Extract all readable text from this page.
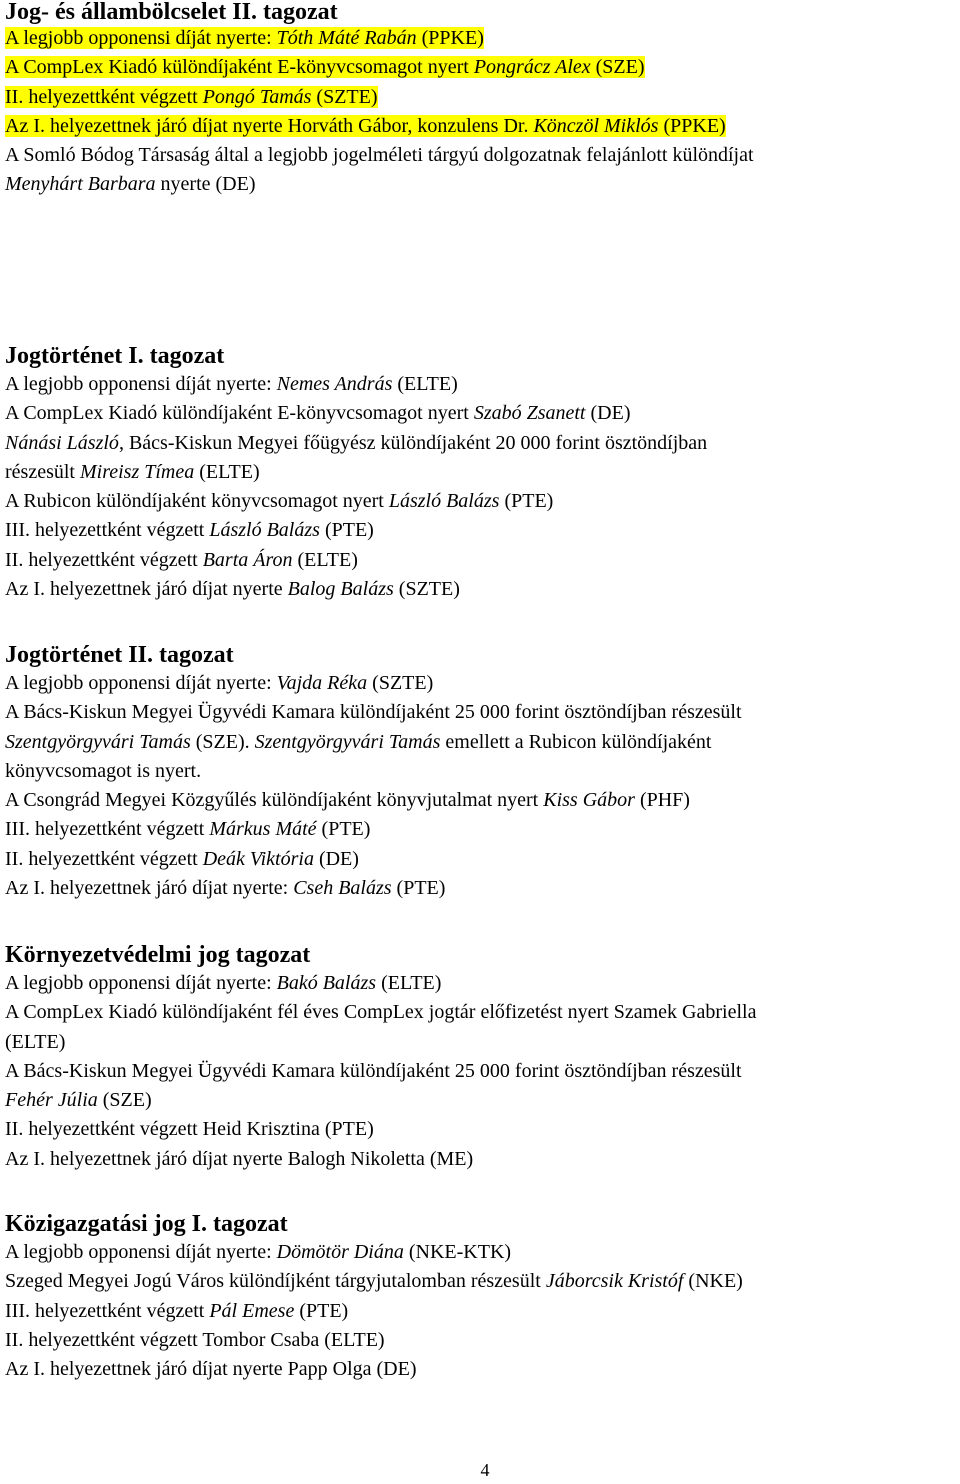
Jog- és állambölcselet II. tagozat
A legjobb opponensi díját nyerte: Tóth Máté Rabán (PPKE)
A CompLex Kiadó különdíjaként E-könyvcsomagot nyert Pongrácz Alex (SZE)
II. helyezettként végzett Pongó Tamás (SZTE)
Az I. helyezettnek járó díjat nyerte Horváth Gábor, konzulens Dr. Könczöl Miklós (PPKE)
A Somló Bódog Társaság által a legjobb jogelméleti tárgyú dolgozatnak felajánlott különdíjat
Menyhárt Barbara nyerte (DE)
Jogtörténet I. tagozat
A legjobb opponensi díját nyerte: Nemes András (ELTE)
A CompLex Kiadó különdíjaként E-könyvcsomagot nyert Szabó Zsanett (DE)
Nánási László, Bács-Kiskun Megyei főügyész különdíjaként 20 000 forint ösztöndíjban
részesült Mireisz Tímea (ELTE)
A Rubicon különdíjaként könyvcsomagot nyert László Balázs (PTE)
III. helyezettként végzett László Balázs (PTE)
II. helyezettként végzett Barta Áron (ELTE)
Az I. helyezettnek járó díjat nyerte Balog Balázs (SZTE)
Jogtörténet II. tagozat
A legjobb opponensi díját nyerte: Vajda Réka (SZTE)
A Bács-Kiskun Megyei Ügyvédi Kamara különdíjaként 25 000 forint ösztöndíjban részesült
Szentgyörgyvári Tamás (SZE). Szentgyörgyvári Tamás emellett a Rubicon különdíjaként
könyvcsomagot is nyert.
A Csongrád Megyei Közgyűlés különdíjaként könyvjutalmat nyert Kiss Gábor (PHF)
III. helyezettként végzett Márkus Máté (PTE)
II. helyezettként végzett Deák Viktória (DE)
Az I. helyezettnek járó díjat nyerte: Cseh Balázs (PTE)
Környezetvédelmi jog tagozat
A legjobb opponensi díját nyerte: Bakó Balázs (ELTE)
A CompLex Kiadó különdíjaként fél éves CompLex jogtár előfizetést nyert Szamek Gabriella
(ELTE)
A Bács-Kiskun Megyei Ügyvédi Kamara különdíjaként 25 000 forint ösztöndíjban részesült
Fehér Júlia (SZE)
II. helyezettként végzett Heid Krisztina (PTE)
Az I. helyezettnek járó díjat nyerte Balogh Nikoletta (ME)
Közigazgatási jog I. tagozat
A legjobb opponensi díját nyerte: Dömötör Diána (NKE-KTK)
Szeged Megyei Jogú Város különdíjként tárgyjutalomban részesült Jáborcsik Kristóf (NKE)
III. helyezettként végzett Pál Emese (PTE)
II. helyezettként végzett Tombor Csaba (ELTE)
Az I. helyezettnek járó díjat nyerte Papp Olga (DE)
4
